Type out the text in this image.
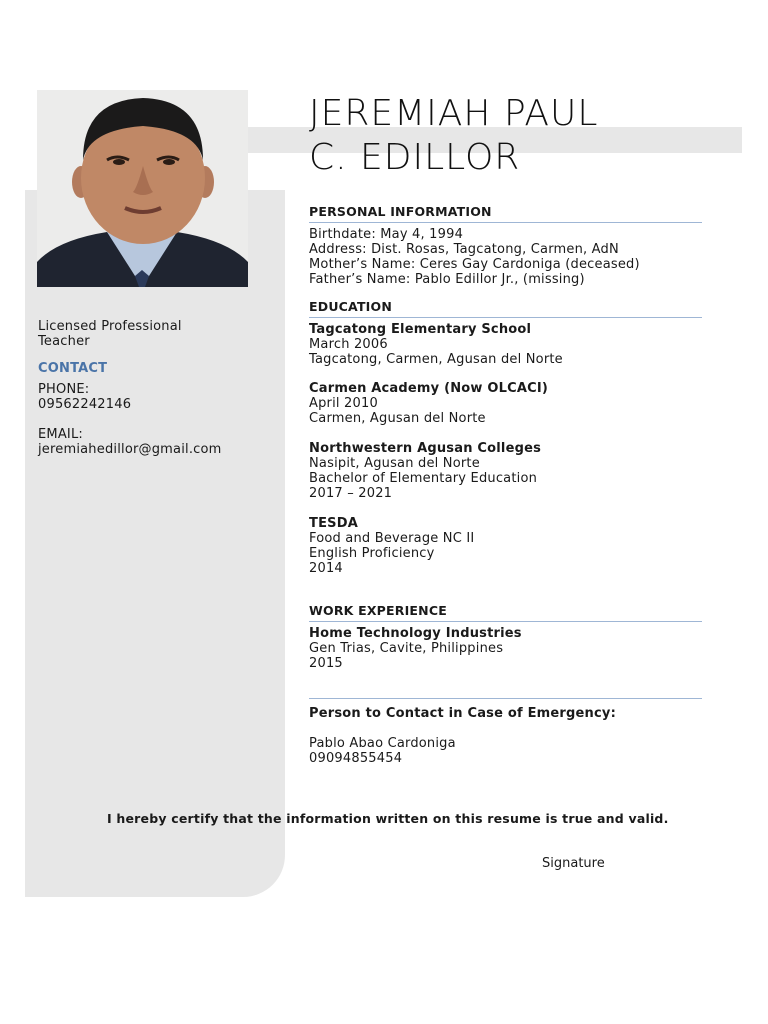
JEREMIAH PAUL
C. EDILLOR

Licensed Professional

Teacher

CONTACT

PHONE:

09562242146

EMAIL:

jeremiahedillor@gmail.com

PERSONAL INFORMATION
Birthdate: May 4, 1994
Address: Dist. Rosas, Tagcatong, Carmen, AdN
Mother’s Name: Ceres Gay Cardoniga (deceased)
Father’s Name: Pablo Edillor Jr., (missing)
EDUCATION
Tagcatong Elementary School
March 2006
Tagcatong, Carmen, Agusan del Norte
Carmen Academy (Now OLCACI)
April 2010
Carmen, Agusan del Norte
Northwestern Agusan Colleges
Nasipit, Agusan del Norte
Bachelor of Elementary Education
2017 – 2021
TESDA
Food and Beverage NC II
English Proficiency
2014
WORK EXPERIENCE
Home Technology Industries
Gen Trias, Cavite, Philippines
2015
Person to Contact in Case of Emergency:
Pablo Abao Cardoniga
09094855454

I hereby certify that the information written on this resume is true and valid.

Signature
